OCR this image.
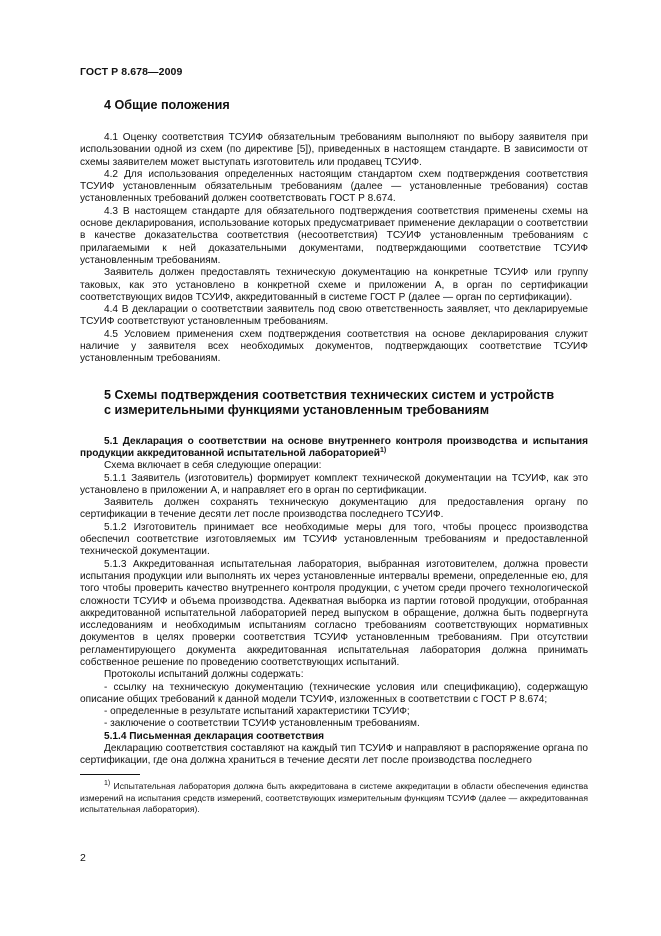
ГОСТ Р 8.678—2009
4 Общие положения

4.1 Оценку соответствия ТСУИФ обязательным требованиям выполняют по выбору заявителя при использовании одной из схем (по директиве [5]), приведенных в настоящем стандарте. В зависимости от схемы заявителем может выступать изготовитель или продавец ТСУИФ.

4.2 Для использования определенных настоящим стандартом схем подтверждения соответствия ТСУИФ установленным обязательным требованиям (далее — установленные требования) состав установленных требований должен соответствовать ГОСТ Р 8.674.

4.3 В настоящем стандарте для обязательного подтверждения соответствия применены схемы на основе декларирования, использование которых предусматривает применение декларации о соответствии в качестве доказательства соответствия (несоответствия) ТСУИФ установленным требованиям с прилагаемыми к ней доказательными документами, подтверждающими соответствие ТСУИФ установленным требованиям.

Заявитель должен предоставлять техническую документацию на конкретные ТСУИФ или группу таковых, как это установлено в конкретной схеме и приложении А, в орган по сертификации соответствующих видов ТСУИФ, аккредитованный в системе ГОСТ Р (далее — орган по сертификации).

4.4 В декларации о соответствии заявитель под свою ответственность заявляет, что декларируемые ТСУИФ соответствуют установленным требованиям.

4.5 Условием применения схем подтверждения соответствия на основе декларирования служит наличие у заявителя всех необходимых документов, подтверждающих соответствие ТСУИФ установленным требованиям.

5 Схемы подтверждения соответствия технических систем и устройств
с измерительными функциями установленным требованиям

5.1 Декларация о соответствии на основе внутреннего контроля производства и испытания продукции аккредитованной испытательной лабораторией$^{1)}$

Схема включает в себя следующие операции:

5.1.1 Заявитель (изготовитель) формирует комплект технической документации на ТСУИФ, как это установлено в приложении А, и направляет его в орган по сертификации.

Заявитель должен сохранять техническую документацию для предоставления органу по сертификации в течение десяти лет после производства последнего ТСУИФ.

5.1.2 Изготовитель принимает все необходимые меры для того, чтобы процесс производства обеспечил соответствие изготовляемых им ТСУИФ установленным требованиям и предоставленной технической документации.

5.1.3 Аккредитованная испытательная лаборатория, выбранная изготовителем, должна провести испытания продукции или выполнять их через установленные интервалы времени, определенные ею, для того чтобы проверить качество внутреннего контроля продукции, с учетом среди прочего технологической сложности ТСУИФ и объема производства. Адекватная выборка из партии готовой продукции, отобранная аккредитованной испытательной лабораторией перед выпуском в обращение, должна быть подвергнута исследованиям и необходимым испытаниям согласно требованиям соответствующих нормативных документов в целях проверки соответствия ТСУИФ установленным требованиям. При отсутствии регламентирующего документа аккредитованная испытательная лаборатория должна принимать собственное решение по проведению соответствующих испытаний.

Протоколы испытаний должны содержать:

- ссылку на техническую документацию (технические условия или спецификацию), содержащую описание общих требований к данной модели ТСУИФ, изложенных в соответствии с ГОСТ Р 8.674;

- определенные в результате испытаний характеристики ТСУИФ;

- заключение о соответствии ТСУИФ установленным требованиям.

5.1.4 Письменная декларация соответствия

Декларацию соответствия составляют на каждый тип ТСУИФ и направляют в распоряжение органа по сертификации, где она должна храниться в течение десяти лет после производства последнего

$^{1)}$ Испытательная лаборатория должна быть аккредитована в системе аккредитации в области обеспечения единства измерений на испытания средств измерений, соответствующих измерительным функциям ТСУИФ (далее — аккредитованная испытательная лаборатория).
2
